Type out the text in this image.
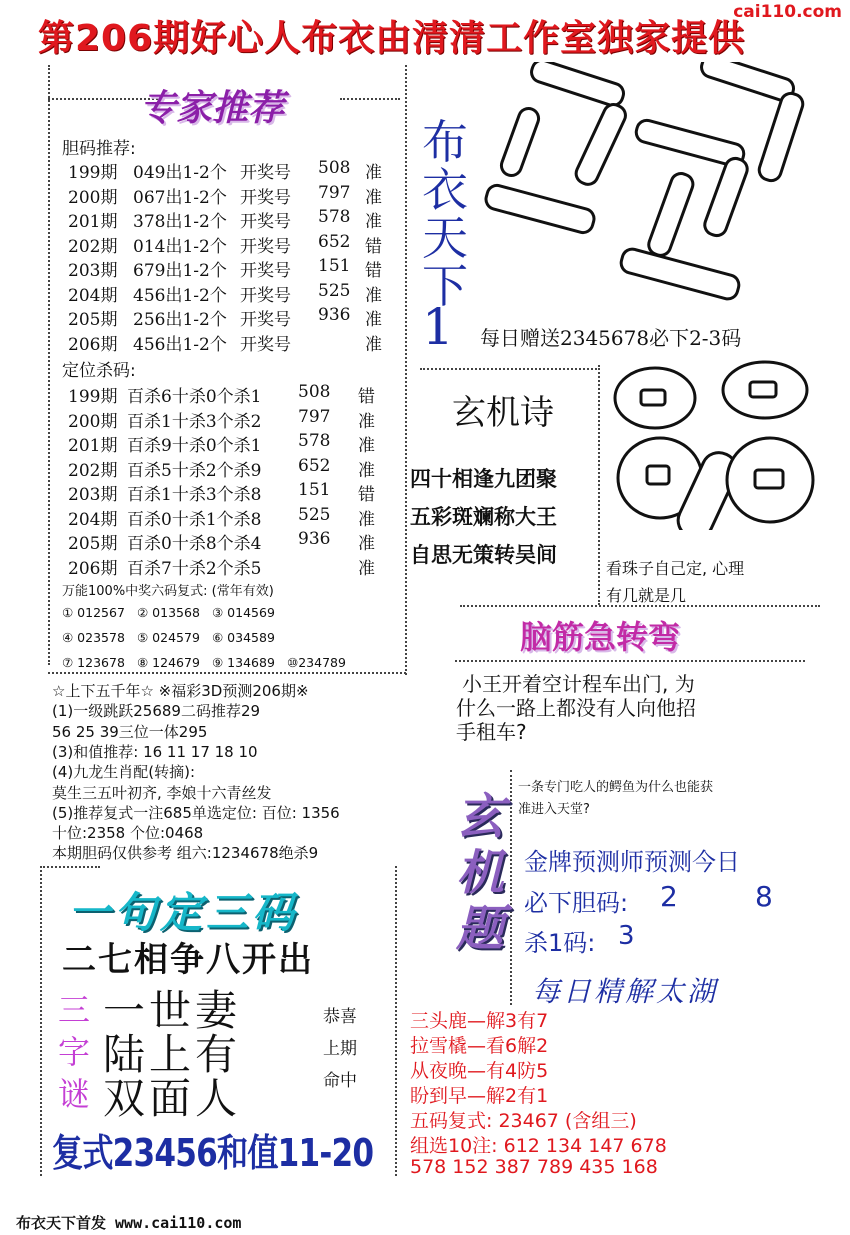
第206期好心人布衣由清清工作室独家提供
cai110.com
专家推荐
胆码推荐:
199期 049出1-2个 开奖号 508 准
200期 067出1-2个 开奖号 797 准
201期 378出1-2个 开奖号 578 准
202期 014出1-2个 开奖号 652 错
203期 679出1-2个 开奖号 151 错
204期 456出1-2个 开奖号 525 准
205期 256出1-2个 开奖号 936 准
206期 456出1-2个 开奖号	准
定位杀码:
199期 百杀6十杀0个杀1 508 错
200期 百杀1十杀3个杀2 797 准
201期 百杀9十杀0个杀1 578 准
202期 百杀5十杀2个杀9 652 准
203期 百杀1十杀3个杀8 151 错
204期 百杀0十杀1个杀8 525 准
205期 百杀0十杀8个杀4 936 准
206期 百杀7十杀2个杀5	准
万能100%中奖六码复式: (常年有效)
① 012567 ② 013568 ③ 014569
④ 023578 ⑤ 024579 ⑥ 034589
⑦ 123678 ⑧ 124679 ⑨ 134689 ⑩234789
布
衣
天
下
1 每日赠送2345678必下2-3码
玄机诗
四十相逢九团聚
五彩斑斓称大王
自思无策转吴间
看珠子自己定, 心理
有几就是几
脑筋急转弯
小王开着空计程车出门, 为
什么一路上都没有人向他招
手租车?
☆上下五千年☆ ※福彩3D预测206期※
(1)一级跳跃25689二码推荐29
56 25 39三位一体295
(3)和值推荐: 16 11 17 18 10
(4)九龙生肖配(转摘):
莫生三五叶初齐, 李娘十六青丝发
(5)推荐复式一注685单选定位: 百位: 1356
十位:2358 个位:0468
本期胆码仅供参考 组六:1234678绝杀9
玄
机
题
一条专门吃人的鳄鱼为什么也能获
准进入天堂?
金牌预测师预测今日
必下胆码: 2	8
杀1码: 3
一句定三码
二七相争八开出
三
字
谜
一世妻
陆上有
双面人
恭喜
上期
命中
复式23456和值11-20
每日精解太湖
三头鹿—解3有7
拉雪橇—看6解2
从夜晚—有4防5
盼到早—解2有1
五码复式: 23467 (含组三)
组选10注: 612 134 147 678
578 152 387 789 435 168
布衣天下首发 www.cai110.com
